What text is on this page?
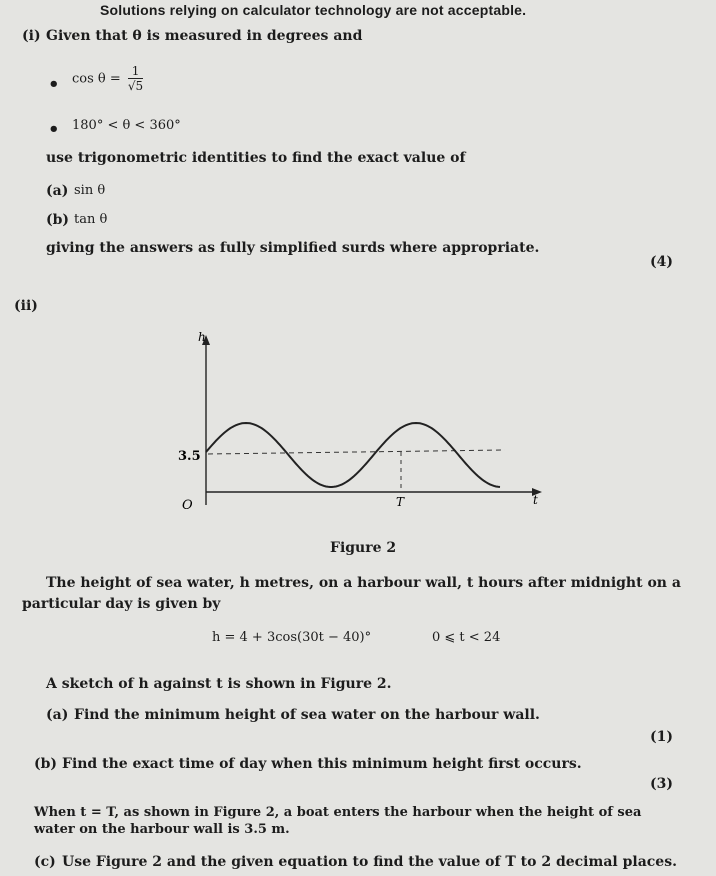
Solutions relying on calculator technology are not acceptable.
(i) Given that θ is measured in degrees and
• $\cos \theta = \frac{1}{√5}$
• 180° < θ < 360°
use trigonometric identities to find the exact value of
(a) sin θ
(b) tan θ
giving the answers as fully simplified surds where appropriate.
(4)
(ii)
h
3.5
O	T	t
Figure 2
The height of sea water, h metres, on a harbour wall, t hours after midnight on a
particular day is given by
h = 4 + 3cos(30t − 40)°	0 ⩽ t < 24
A sketch of h against t is shown in Figure 2.
(a) Find the minimum height of sea water on the harbour wall.
(1)
(b) Find the exact time of day when this minimum height first occurs.
(3)
When t = T, as shown in Figure 2, a boat enters the harbour when the height of sea
water on the harbour wall is 3.5 m.
(c) Use Figure 2 and the given equation to find the value of T to 2 decimal places.
